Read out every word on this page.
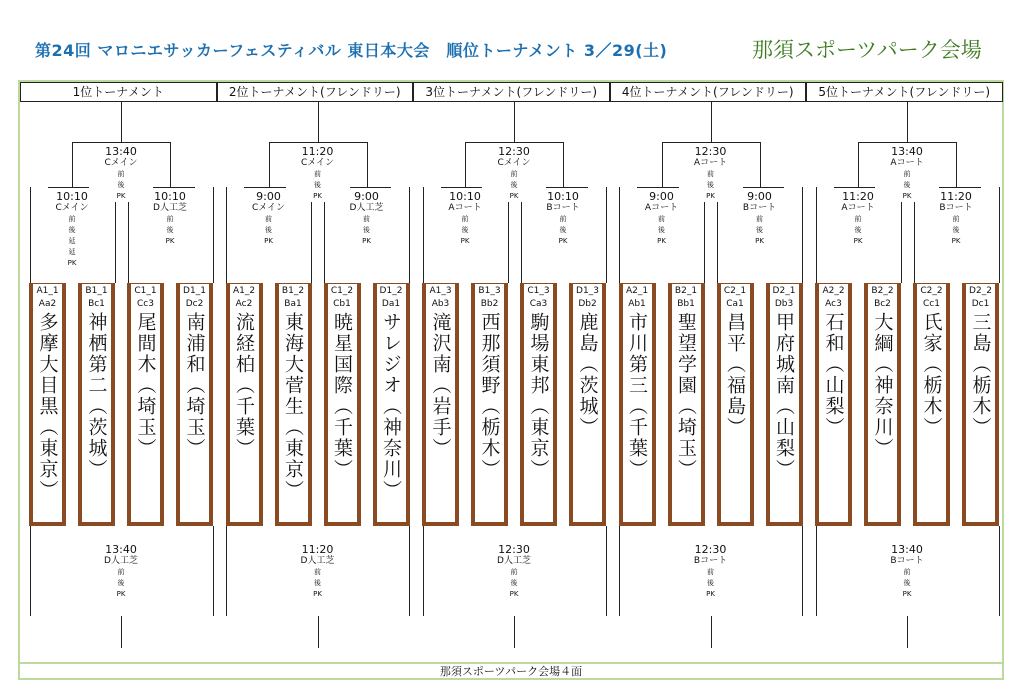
第24回 マロニエサッカーフェスティバル 東日本大会　順位トーナメント 3／29(土)	那須スポーツパーク会場
1位トーナメント
13:40
Cメイン
前
後
PK
10:10
Cメイン
前
後
延
延
PK
10:10
D人工芝
前
後
PK
13:40
D人工芝
前
後
PK
A1_1
Aa2
多摩大目黒（東京）
B1_1
Bc1
神栖第二（茨城）
C1_1
Cc3
尾間木（埼玉）
D1_1
Dc2
南浦和（埼玉）
2位トーナメント(フレンドリー)
11:20
Cメイン
前
後
PK
9:00
Cメイン
前
後
PK
9:00
D人工芝
前
後
PK
11:20
D人工芝
前
後
PK
A1_2
Ac2
流経柏（千葉）
B1_2
Ba1
東海大菅生（東京）
C1_2
Cb1
暁星国際（千葉）
D1_2
Da1
サレジオ（神奈川）
3位トーナメント(フレンドリー)
12:30
Cメイン
前
後
PK
10:10
Aコート
前
後
PK
10:10
Bコート
前
後
PK
12:30
D人工芝
前
後
PK
A1_3
Ab3
滝沢南（岩手）
B1_3
Bb2
西那須野（栃木）
C1_3
Ca3
駒場東邦（東京）
D1_3
Db2
鹿島（茨城）
4位トーナメント(フレンドリー)
12:30
Aコート
前
後
PK
9:00
Aコート
前
後
PK
9:00
Bコート
前
後
PK
12:30
Bコート
前
後
PK
A2_1
Ab1
市川第三（千葉）
B2_1
Bb1
聖望学園（埼玉）
C2_1
Ca1
昌平（福島）
D2_1
Db3
甲府城南（山梨）
5位トーナメント(フレンドリー)
13:40
Aコート
前
後
PK
11:20
Aコート
前
後
PK
11:20
Bコート
前
後
PK
13:40
Bコート
前
後
PK
A2_2
Ac3
石和（山梨）
B2_2
Bc2
大綱（神奈川）
C2_2
Cc1
氏家（栃木）
D2_2
Dc1
三島（栃木）
那須スポーツパーク会場４面
